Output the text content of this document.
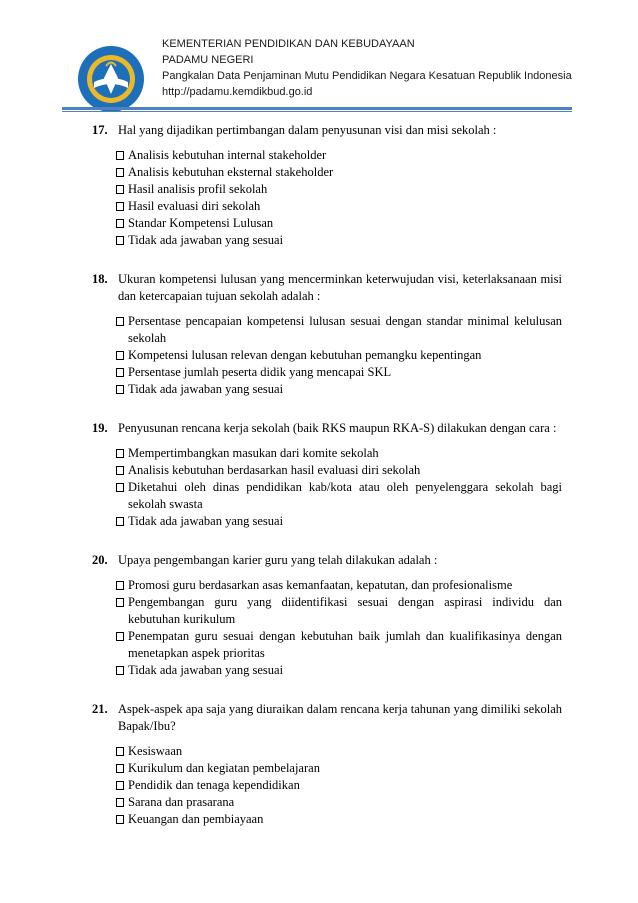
KEMENTERIAN PENDIDIKAN DAN KEBUDAYAAN
PADAMU NEGERI
Pangkalan Data Penjaminan Mutu Pendidikan Negara Kesatuan Republik Indonesia
http://padamu.kemdikbud.go.id
17. Hal yang dijadikan pertimbangan dalam penyusunan visi dan misi sekolah :
Analisis kebutuhan internal stakeholder
Analisis kebutuhan eksternal stakeholder
Hasil analisis profil sekolah
Hasil evaluasi diri sekolah
Standar Kompetensi Lulusan
Tidak ada jawaban yang sesuai
18. Ukuran kompetensi lulusan yang mencerminkan keterwujudan visi, keterlaksanaan misi dan ketercapaian tujuan sekolah adalah :
Persentase pencapaian kompetensi lulusan sesuai dengan standar minimal kelulusan sekolah
Kompetensi lulusan relevan dengan kebutuhan pemangku kepentingan
Persentase jumlah peserta didik yang mencapai SKL
Tidak ada jawaban yang sesuai
19. Penyusunan rencana kerja sekolah (baik RKS maupun RKA-S) dilakukan dengan cara :
Mempertimbangkan masukan dari komite sekolah
Analisis kebutuhan berdasarkan hasil evaluasi diri sekolah
Diketahui oleh dinas pendidikan kab/kota atau oleh penyelenggara sekolah bagi sekolah swasta
Tidak ada jawaban yang sesuai
20. Upaya pengembangan karier guru yang telah dilakukan adalah :
Promosi guru berdasarkan asas kemanfaatan, kepatutan, dan profesionalisme
Pengembangan guru yang diidentifikasi sesuai dengan aspirasi individu dan kebutuhan kurikulum
Penempatan guru sesuai dengan kebutuhan baik jumlah dan kualifikasinya dengan menetapkan aspek prioritas
Tidak ada jawaban yang sesuai
21. Aspek-aspek apa saja yang diuraikan dalam rencana kerja tahunan yang dimiliki sekolah Bapak/Ibu?
Kesiswaan
Kurikulum dan kegiatan pembelajaran
Pendidik dan tenaga kependidikan
Sarana dan prasarana
Keuangan dan pembiayaan
